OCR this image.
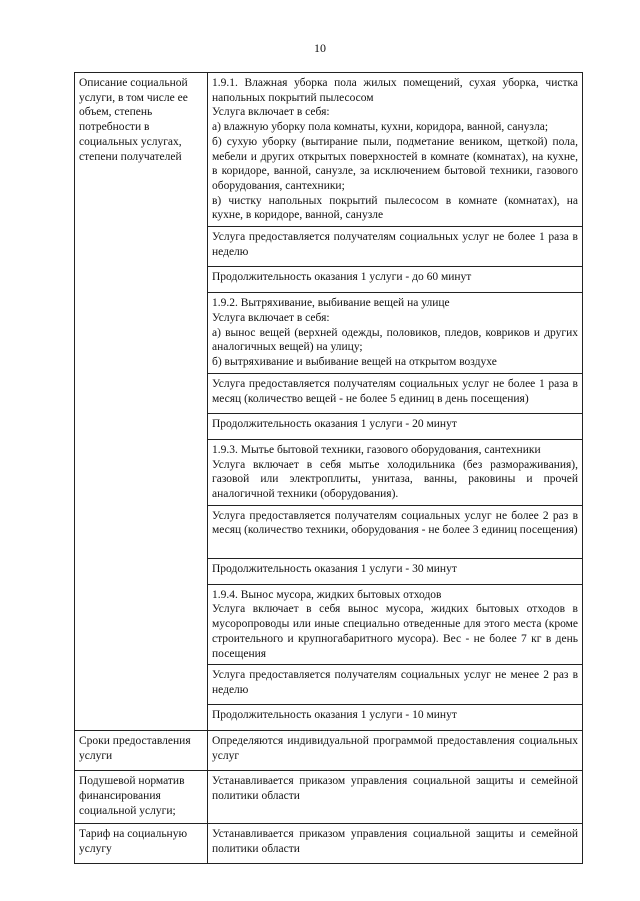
10
Описание социальной услуги, в том числе ее объем, степень потребности в социальных услугах, степени получателей	1.9.1. Влажная уборка пола жилых помещений, сухая уборка, чистка напольных покрытий пылесосом
Услуга включает в себя:
а) влажную уборку пола комнаты, кухни, коридора, ванной, санузла;
б) сухую уборку (вытирание пыли, подметание веником, щеткой) пола, мебели и других открытых поверхностей в комнате (комнатах), на кухне, в коридоре, ванной, санузле, за исключением бытовой техники, газового оборудования, сантехники;
в) чистку напольных покрытий пылесосом в комнате (комнатах), на кухне, в коридоре, ванной, санузле

	Услуга предоставляется получателям социальных услуг не более 1 раза в неделю
	Продолжительность оказания 1 услуги - до 60 минут

	1.9.2. Вытряхивание, выбивание вещей на улице
Услуга включает в себя:
а) вынос вещей (верхней одежды, половиков, пледов, ковриков и других аналогичных вещей) на улицу;
б) вытряхивание и выбивание вещей на открытом воздухе

	Услуга предоставляется получателям социальных услуг не более 1 раза в месяц (количество вещей - не более 5 единиц в день посещения)
	Продолжительность оказания 1 услуги - 20 минут

	1.9.3. Мытье бытовой техники, газового оборудования, сантехники
Услуга включает в себя мытье холодильника (без размораживания), газовой или электроплиты, унитаза, ванны, раковины и прочей аналогичной техники (оборудования).

	Услуга предоставляется получателям социальных услуг не более 2 раз в месяц (количество техники, оборудования - не более 3 единиц посещения)
	Продолжительность оказания 1 услуги - 30 минут

	1.9.4. Вынос мусора, жидких бытовых отходов
Услуга включает в себя вынос мусора, жидких бытовых отходов в мусоропроводы или иные специально отведенные для этого места (кроме строительного и крупногабаритного мусора). Вес - не более 7 кг в день посещения

	Услуга предоставляется получателям социальных услуг не менее 2 раз в неделю
	Продолжительность оказания 1 услуги - 10 минут
Сроки предоставления услуги	Определяются индивидуальной программой предоставления социальных услуг
Подушевой норматив финансирования социальной услуги;	Устанавливается приказом управления социальной защиты и семейной политики области
Тариф на социальную услугу	Устанавливается приказом управления социальной защиты и семейной политики области
